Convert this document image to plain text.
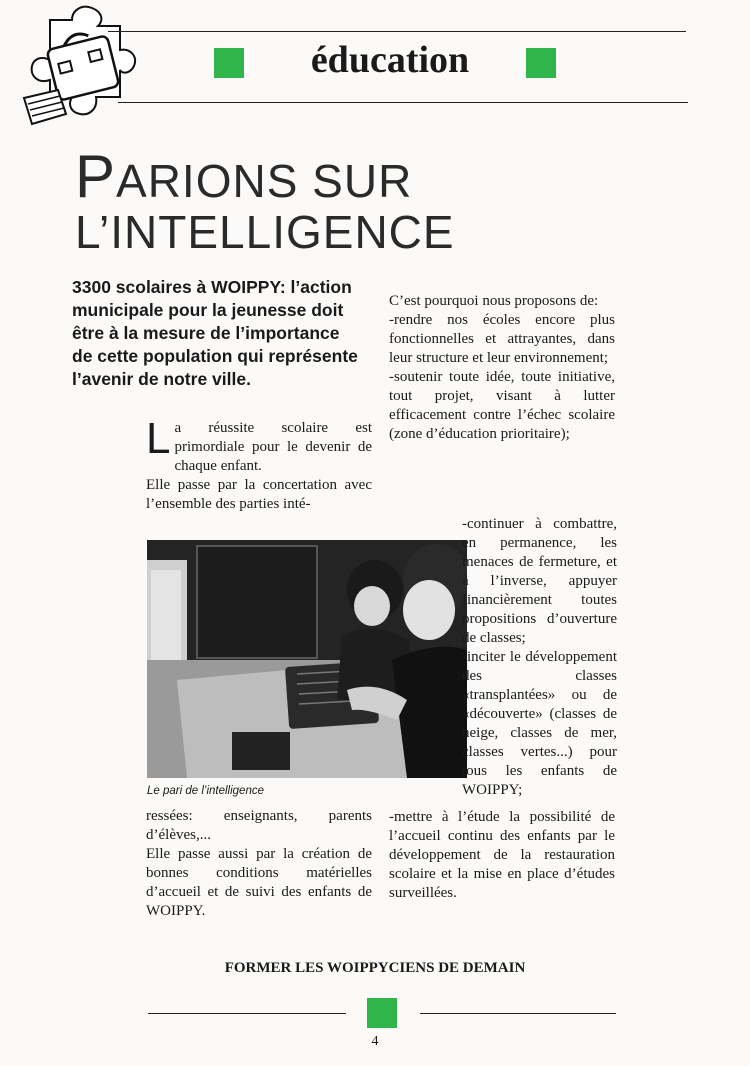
éducation
PARIONS SUR
L’INTELLIGENCE
3300 scolaires à WOIPPY: l’action municipale pour la jeunesse doit être à la mesure de l’importance de cette population qui représente l’avenir de notre ville.

La réussite scolaire est primordiale pour le devenir de chaque enfant.

Elle passe par la concertation avec l’ensemble des parties inté-

Le pari de l’intelligence

ressées: enseignants, parents d’élèves,...

Elle passe aussi par la création de bonnes conditions matérielles d’accueil et de suivi des enfants de WOIPPY.

C’est pourquoi nous proposons de:

-rendre nos écoles encore plus fonctionnelles et attrayantes, dans leur structure et leur environnement;

-soutenir toute idée, toute initiative, tout projet, visant à lutter efficacement contre l’échec scolaire (zone d’éducation prioritaire);

-continuer à combattre, en permanence, les menaces de fermeture, et à l’inverse, appuyer financièrement toutes propositions d’ouverture de classes;

-inciter le développement des classes «transplantées» ou de «découverte» (classes de neige, classes de mer, classes vertes...) pour tous les enfants de WOIPPY;

-mettre à l’étude la possibilité de l’accueil continu des enfants par le développement de la restauration scolaire et la mise en place d’études surveillées.

FORMER LES WOIPPYCIENS DE DEMAIN
4
